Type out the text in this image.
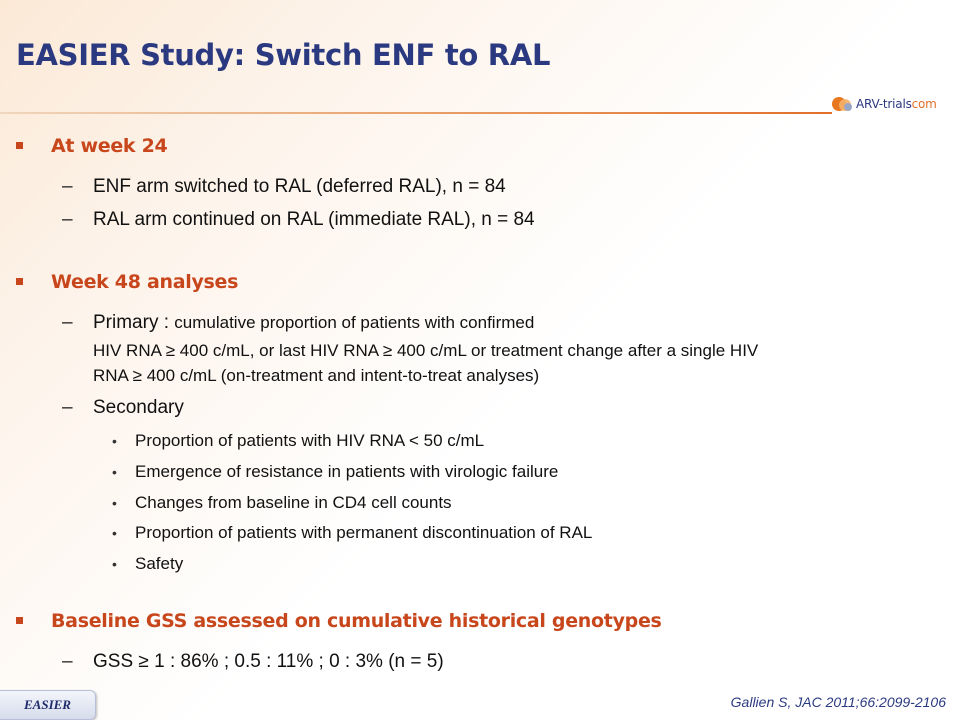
EASIER Study: Switch ENF to RAL
ARV-trialscom
At week 24
– ENF arm switched to RAL (deferred RAL), n = 84
– RAL arm continued on RAL (immediate RAL), n = 84
Week 48 analyses
– Primary : cumulative proportion of patients with confirmed
HIV RNA ≥ 400 c/mL, or last HIV RNA ≥ 400 c/mL or treatment change after a single HIV
RNA ≥ 400 c/mL (on-treatment and intent-to-treat analyses)
– Secondary
• Proportion of patients with HIV RNA < 50 c/mL
• Emergence of resistance in patients with virologic failure
• Changes from baseline in CD4 cell counts
• Proportion of patients with permanent discontinuation of RAL
• Safety
Baseline GSS assessed on cumulative historical genotypes
– GSS ≥ 1 : 86% ; 0.5 : 11% ; 0 : 3% (n = 5)
EASIER	Gallien S, JAC 2011;66:2099-2106
